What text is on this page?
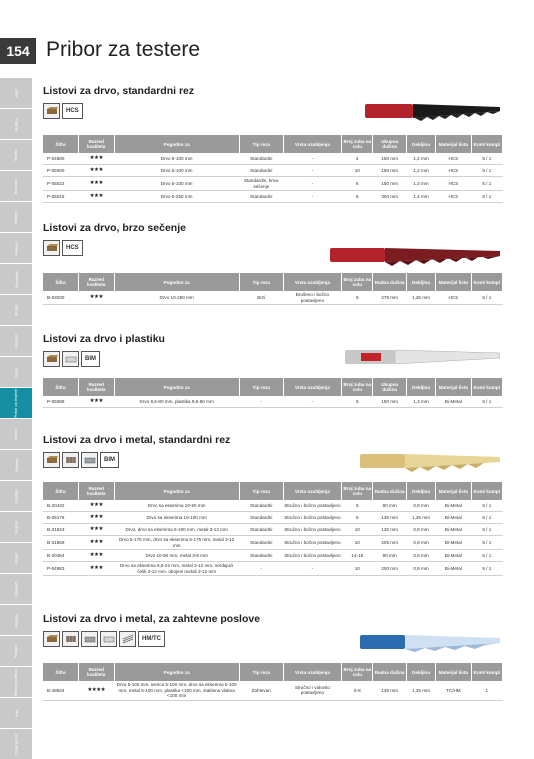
154 Pribor za testere
Alati
Bušilice
Svrdla
Brusilice
Testere
Makaze
Glodalice
Rende
Zavrtači
Merni
Pribor za testere
Listovi
Diskovi
Glodala
Noževi
Ostalo
Usisivači
Baterije
Punjači
Rezervni delovi
Alat
Ostali pribor
Listovi za drvo, standardni rez
HCS
Listovi za drvo, brzo sečenje
HCS
Listovi za drvo i plastiku
BIM
Listovi za drvo i metal, standardni rez
BIM
Listovi za drvo i metal, za zahtevne poslove
HM/TC
Šifra	Razred kvaliteta	Pogodno za	Tip reza	Vrsta ozubljenja	Broj zuba na colu	Ukupna dužina	Debljina	Materijal lista	Kom/ kompl
P-04880	★★★	Drvo 5-100 mm	Standardni	-	4	150 mm	1,2 mm	HCS	5 / 1
P-05000	★★★	Drvo 5-100 mm	Standardni	-	10	150 mm	1,2 mm	HCS	5 / 1
P-05022	★★★	Drvo 5-100 mm	Standardni, krivo sečenje	-	6	150 mm	1,3 mm	HCS	5 / 1
P-05016	★★★	Drvo 5-250 mm	Standardni	-	6	300 mm	1,4 mm	HCS	5 / 1
Šifra	Razred kvaliteta	Pogodno za	Tip reza	Vrsta ozubljenja	Broj zuba na colu	Radna dužina	Debljina	Materijal lista	Kom/ kompl
B-03030	★★★	Drvo 10-280 mm	Brzi	Brušeno i bočno postavljeno	6	279 mm	1,25 mm	HCS	5 / 1
Šifra	Razred kvaliteta	Pogodno za	Tip reza	Vrsta ozubljenja	Broj zuba na colu	Ukupna dužina	Debljina	Materijal lista	Kom/ kompl
P-05088	★★★	Drvo 9,5-80 mm, plastika 9,5-80 mm	-	-	6	150 mm	1,3 mm	Bi-Metal	5 / 1
Šifra	Razred kvaliteta	Pogodno za	Tip reza	Vrsta ozubljenja	Broj zuba na colu	Radna dužina	Debljina	Materijal lista	Kom/ kompl
B-20432	★★★	Drvo sa ekserima 10-50 mm	Standardni	Stručno i bočno postavljeno	6	80 mm	0,9 mm	Bi-Metal	5 / 1
B-05175	★★★	Drvo sa ekserima 10-100 mm	Standardni	Stručno i bočno postavljeno	6	130 mm	1,25 mm	Bi-Metal	5 / 1
B-31843	★★★	Drvo, drvo sa ekserima 5-100 mm, metal 3-12 mm	Standardni	Stručno i bočno postavljeno	10	130 mm	0,9 mm	Bi-Metal	5 / 1
B-31859	★★★	Drvo 5-175 mm, drvo sa ekserima 5-175 mm, metal 3-12 mm	Standardni	Stručno i bočno postavljeno	10	205 mm	0,9 mm	Bi-Metal	5 / 1
B-20454	★★★	Drvo 10-50 mm, metal 3-8 mm	Standardni	Stručno i bočno postavljeno	14-18	80 mm	0,9 mm	Bi-Metal	5 / 1
P-04983	★★★	Drvo sa ekserima 6,5-22 mm, metal 3-12 mm, nerđajući čelik 3-12 mm, obojeni metali 3-12 mm	-	-	10	200 mm	0,9 mm	Bi-Metal	5 / 1
Šifra	Razred kvaliteta	Pogodno za	Tip reza	Vrsta ozubljenja	Broj zuba na colu	Radna dužina	Debljina	Materijal lista	Kom/ kompl
B-49834	★★★★	Drvo 5-100 mm, iverica 5-100 mm, drvo sa ekserima 5-100 mm, metal 5-100 mm, plastika <100 mm, staklena vlakna <100 mm	Zahtevan	Stručno i valovito postavljeno	6-8	130 mm	1,25 mm	TC/HM	1
